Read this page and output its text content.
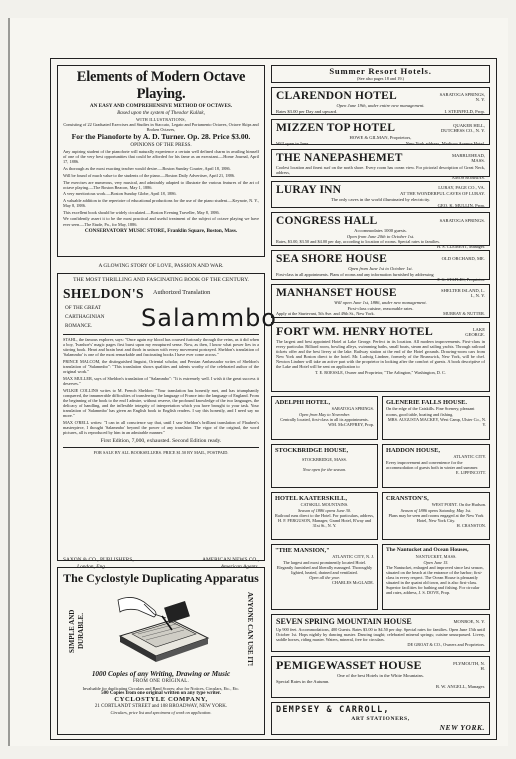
Elements of Modern Octave Playing.
AN EASY AND COMPREHENSIVE METHOD OF OCTAVES.
Based upon the system of Theodor Kullak,
WITH ILLUSTRATIONS,
Consisting of 22 Graduated Exercises and Studies in Staccato, Legato and Portamento Octaves, Octave Skips and Broken Octaves,
For the Pianoforte by A. D. Turner. Op. 28. Price $3.00.
OPINIONS OF THE PRESS.

Any aspiring student of the pianoforte will naturally experience a certain well defined charm in availing himself of one of the very best opportunities that could be afforded for his fame as an executant.—Home Journal, April 17, 1886.

As thorough as the most exacting teacher would desire.—Boston Sunday Courier, April 18, 1886.

Will be found of much value to the students of the piano.—Boston Daily Advertiser, April 21, 1886.

The exercises are numerous, very musical, and admirably adapted to illustrate the various features of the art of octave playing.—The Boston Beacon, May 1, 1886.

A very meritorious work.—Boston Sunday Globe, April 18, 1886.

A valuable addition to the repertoire of educational productions for the use of the piano student.—Keynote, N. Y., May 8, 1886.

This excellent book should be widely circulated.—Boston Evening Traveller, May 8, 1886.

We confidently assert it to be the most practical and useful treatment of the subject of octave playing we have ever seen.—The Etude, Pa., for May, 1886.

CONSERVATORY MUSIC STORE, Franklin Square, Boston, Mass.
A GLOWING STORY OF LOVE, PASSION AND WAR.
THE MOST THRILLING AND FASCINATING BOOK OF THE CENTURY.
SHELDON'S Authorized Translation
OF THE GREAT
CARTHAGINIAN
ROMANCE. Salammbo

STAHL, the famous explorer, says: "Once again my blood has coursed furiously through the veins, as it did when a boy, 'Ivanhoe's' magic pages first burst upon my enraptured sense. Now, as then, I know what power lies in a stirring book. Heart and brain beat and throb in unison with every movement portrayed. Sheldon's translation of 'Salammbo' is one of the most remarkable and fascinating books I have ever come across."

PRINCE MALCOM, the distinguished linguist, Oriental scholar, and Persian Ambassador writes of Sheldon's translation of "Salammbo": "This translation shows qualities and talents worthy of the celebrated author of the original work."

MAX MULLER, says of Sheldon's translation of "Salammbo": "It is extremely well. I wish it the great success it deserves."

WILKIE COLLINS writes to M. French Sheldon: "Your translation has honestly met, and has triumphantly conquered, the innumerable difficulties of transferring the language of France into the language of England. From the beginning of the book to the end I admire, without reserve, the profound knowledge of the two languages, the delicacy of handling, and the inflexible integrity of interpretation which you have brought to your task. Your translation of 'Salammbo' has given an English book to English readers. I say this honestly, and I need say no more."

MAX O'RELL writes: "I can in all conscience say that, until I saw Sheldon's brilliant translation of Flaubert's masterpiece, I thought 'Salammbo' beyond the power of any translator. The vigor of the original, the word pictures, all is reproduced by him in an admirable manner."

First Edition, 7,000, exhausted. Second Edition ready.
FOR SALE BY ALL BOOKSELLERS. PRICE $1.50 BY MAIL, POSTPAID.
SAXON & CO., PUBLISHERS,
London, Eng.
AMERICAN NEWS CO.,
American Agents.
The Cyclostyle Duplicating Apparatus
SIMPLE AND DURABLE.	ANYONE CAN USE IT!
1000 Copies of any Writing, Drawing or Music
FROM ONE ORIGINAL.
Invaluable for duplicating Circulars and Band Scores; also for Notices, Circulars, Etc., Etc.
500 Copies from one original written on any type writer.
CYCLOSTYLE COMPANY,
21 CORTLANDT STREET and 108 BROADWAY, NEW YORK.
Circulars, price list and specimens of work on application.
Summer Resort Hotels.
(See also pages 18 and 19.)
CLARENDON HOTEL	SARATOGA SPRINGS, N. Y.
Open June 19th, under entire new management.
Rates $3.00 per Day and upward.	I. STEINFELD, Prop.
MIZZEN TOP HOTEL	QUAKER HILL, DUTCHESS CO., N. Y.
HOWE & GILMAN, Proprietors,
Will open in June.	New York address, Madison Avenue Hotel.
THE NANEPASHEMET	MARBLEHEAD, MASS.
Coolest location and finest surf on the north shore. Every room has ocean view. For pictorial description of Great Neck, address,
AMOS ROBBINS.
LURAY INN	LURAY, PAGE CO., VA.
AT THE WONDERFUL CAVES OF LURAY.
The only caves in the world illuminated by electricity.
GEO. K. MULLIN, Prop.
CONGRESS HALL	SARATOGA SPRINGS.
Accommodates 1000 guests.
Open from June 20th to October 1st.
Rates, $3.00, $3.50 and $4.00 per day, according to location of rooms. Special rates to families.
H. S. CLEMENT, Manager.
SEA SHORE HOUSE	OLD ORCHARD, ME.
Open from June 1st to October 1st.
First-class in all appointments. Plans of rooms and any information furnished by addressing
F. G. STAPLES, Proprietor.
MANHANSET HOUSE	SHELTER ISLAND, L. I., N. Y.
Will open June 1st, 1886, under new management.
First-class cuisine, reasonable rates.
Apply at the Sturtevant, 5th Ave. and 49th St., New York.	MURRAY & NUTTER.
FORT WM. HENRY HOTEL	LAKE GEORGE.
The largest and best appointed Hotel at Lake George. Perfect in its location. All modern improvements. First-class in every particular. Billiard room, bowling alleys, swimming baths, small boats, steam and sailing yachts. Through railroad tickets offer and the best livery at the lake. Railway station at the end of the Hotel grounds. Drawing-room cars from New York and Boston direct to the hotel. Mr. Ludwig Lindner, formerly of the Brunswick, New York, will be chef. Newton Lindner will take an active part with the proprietor in looking after the comfort of guests. A book descriptive of the Lake and Hotel will be sent on application to
T. E. ROESSLE, Owner and Proprietor, "The Arlington," Washington, D. C.
ADELPHI HOTEL,
SARATOGA SPRINGS.
Open from May to November.
Centrally located, first-class in all its appointments.
WM. McCAFFREY, Prop.
GLENERIE FALLS HOUSE.
On the edge of the Catskills. Fine Scenery, pleasant rooms, good table, boating and fishing.
MRS. AUGUSTA MACKEY, West Camp, Ulster Co., N. Y.
STOCKBRIDGE HOUSE,
STOCKBRIDGE, MASS.
Now open for the season.
HADDON HOUSE,
ATLANTIC CITY.
Every improvement and convenience for the accommodation of guests both in winter and summer.
E. LIPPINCOTT.
HOTEL KAATERSKILL,
CATSKILL MOUNTAINS.
Season of 1886 opens June 30.
Railroad runs direct to the Hotel. For particulars, address,
H. F. FERGUSON, Manager, Grand Hotel, B'way and 31st St., N. Y.
CRANSTON'S,
WEST POINT. On the Hudson.
Season of 1886 opens Saturday, May 1st.
Plans may be seen and rooms engaged at the New York Hotel, New York City.
H. CRANSTON.
"THE MANSION,"
ATLANTIC CITY, N. J.
The largest and most prominently located Hotel. Elegantly furnished and liberally managed. Thoroughly lighted, heated, drained and ventilated.
Open all the year.
CHARLES McGLADE.
The Nantucket and Ocean Houses,
NANTUCKET, MASS.
Open June 15.
The Nantucket, enlarged and improved since last season, situated on the beach at the entrance of the harbor; first-class in every respect. The Ocean House is pleasantly situated in the quaint old town, and is also first-class. Superior facilities for bathing and fishing. For circular and rates, address, J. S. DOVE, Prop.
SEVEN SPRING MOUNTAIN HOUSE	MONROE, N. Y.
Up 900 feet. Accommodations, 400 Guests. Rates $3.00 to $4.50 per day. Special rates for families. Open June 15th until October 1st. Hops nightly by dancing master. Dancing taught; celebrated mineral springs; cuisine unsurpassed. Livery, saddle horses, riding master. Waters, mineral, free for circulars.
DE GROAT & CO., Owners and Proprietors.
PEMIGEWASSET HOUSE	PLYMOUTH, N. H.
One of the best Hotels in the White Mountains.
Special Rates in the Autumn.
B. W. ANGELL, Manager.
DEMPSEY & CARROLL,
ART STATIONERS,
NEW YORK.
